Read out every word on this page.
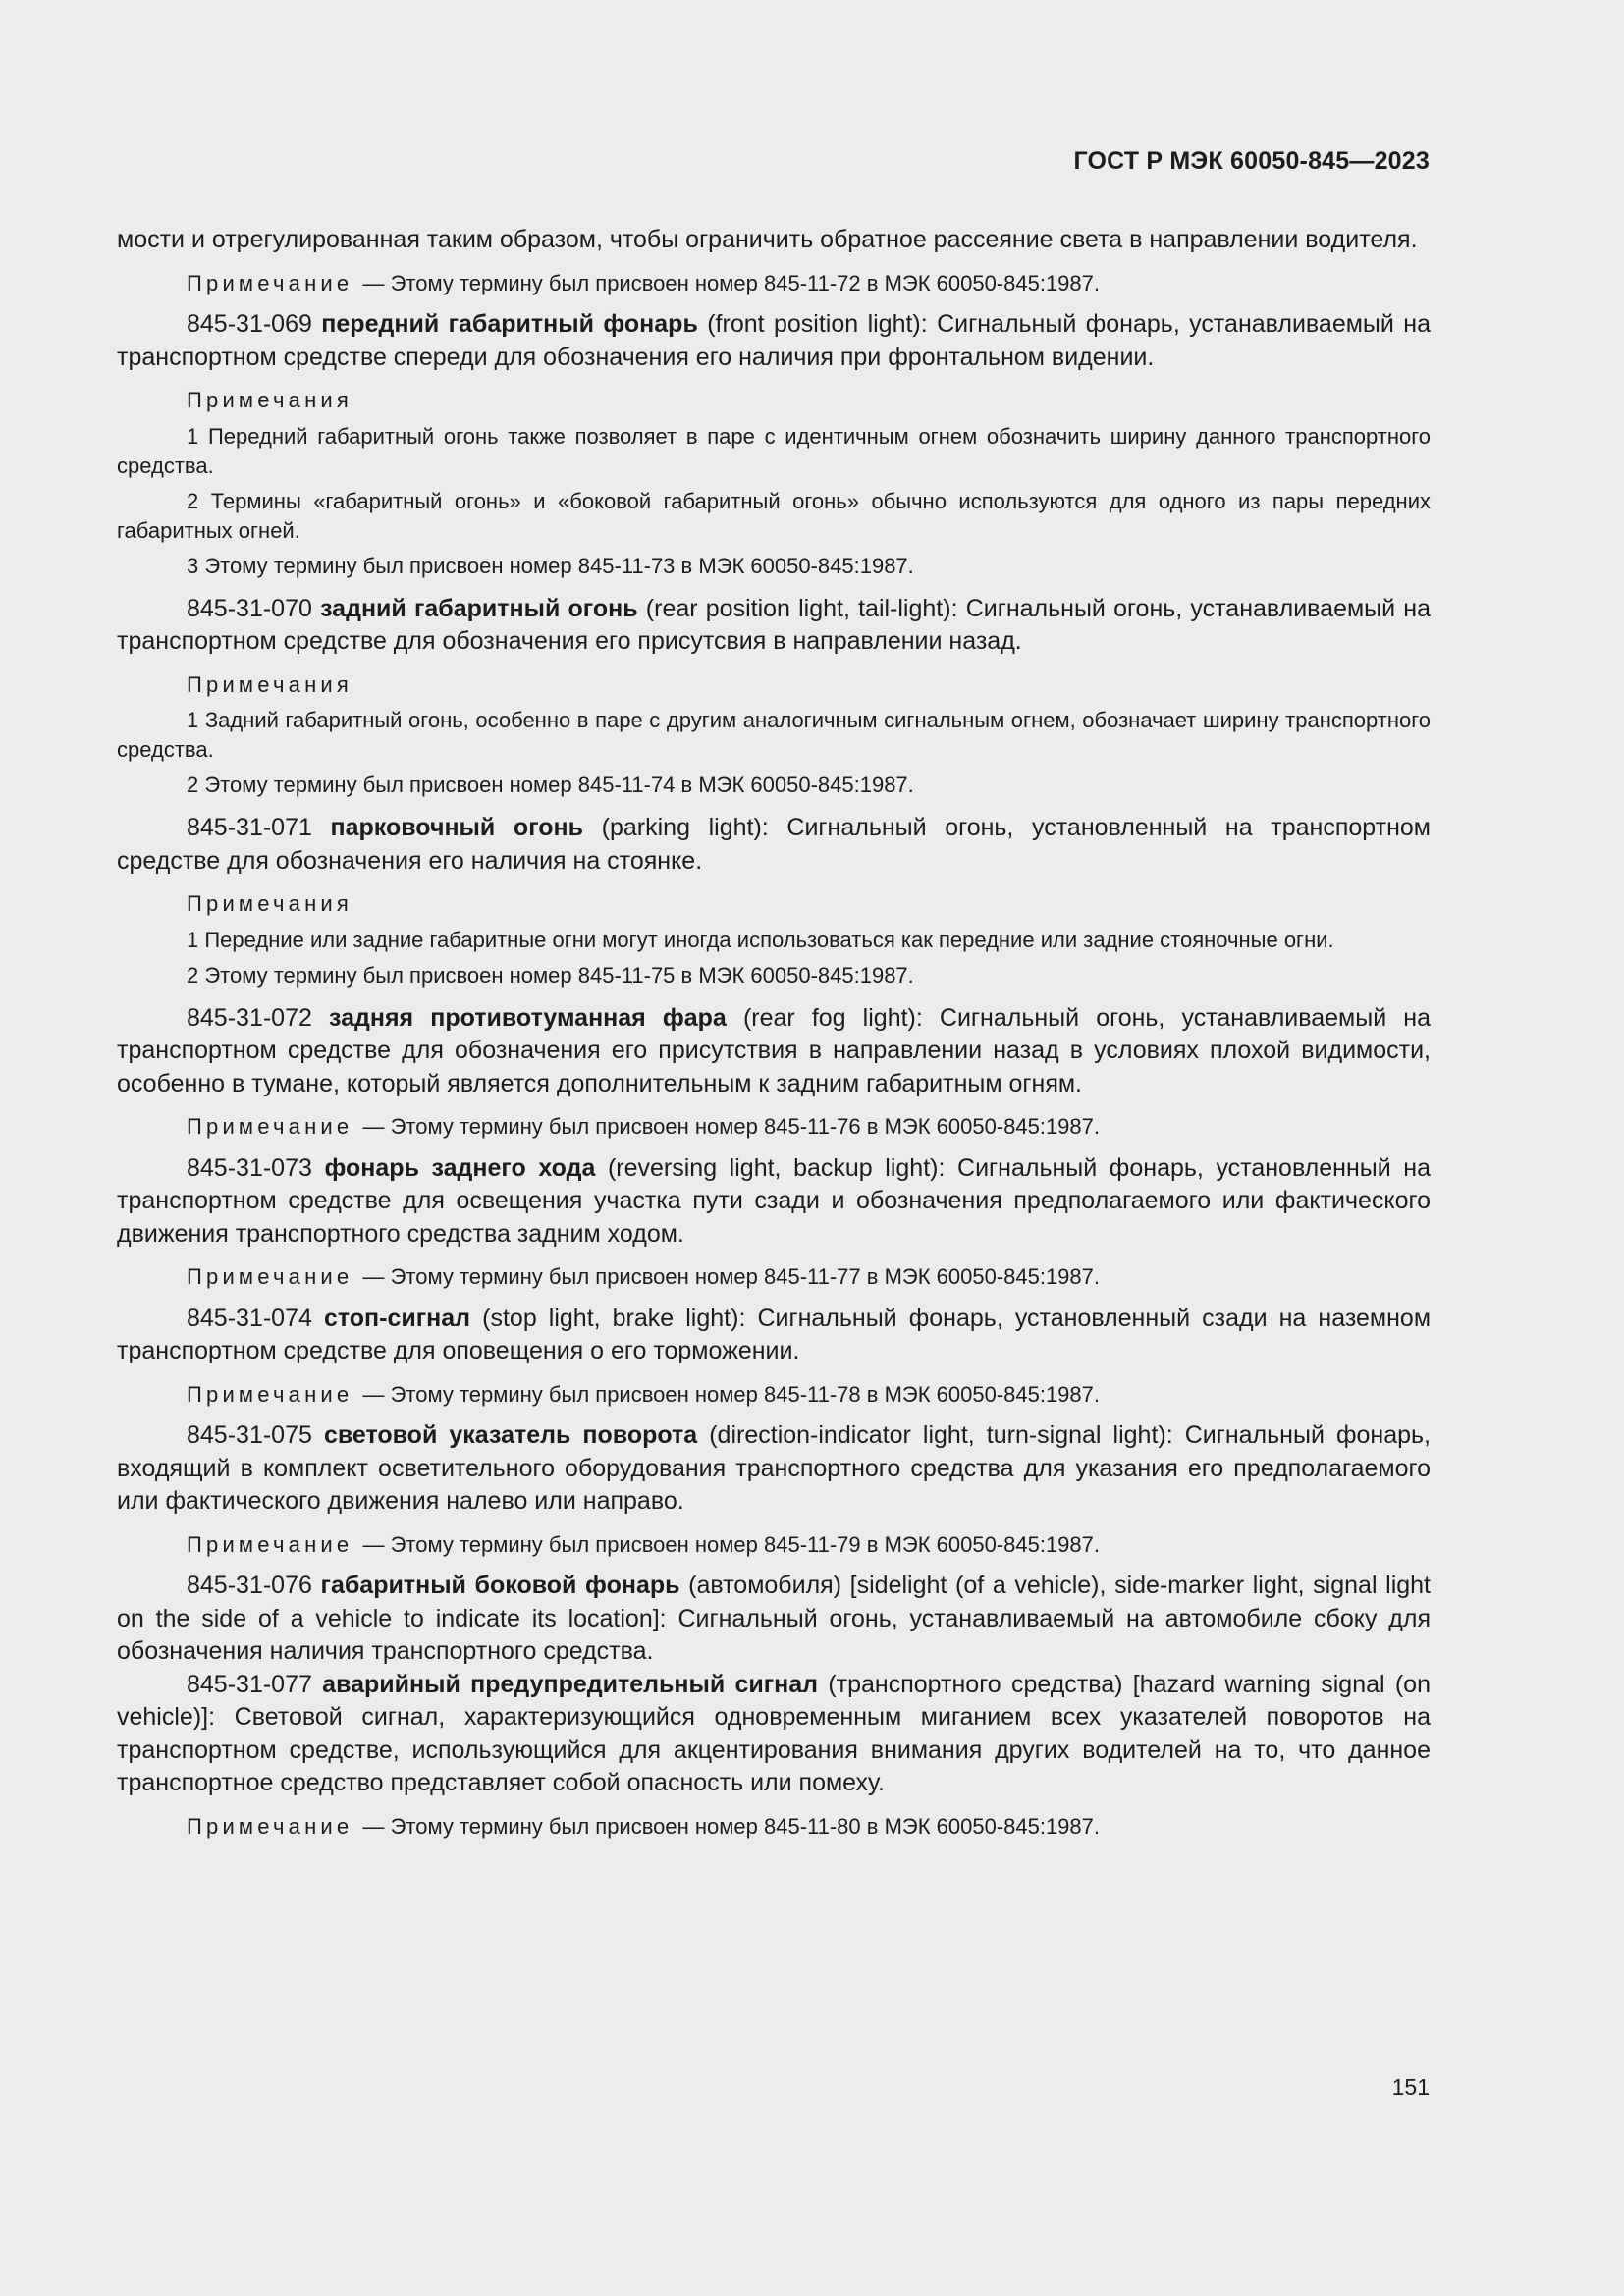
ГОСТ Р МЭК 60050-845—2023

мости и отрегулированная таким образом, чтобы ограничить обратное рассеяние света в направлении водителя.

Примечание — Этому термину был присвоен номер 845-11-72 в МЭК 60050-845:1987.

845-31-069 передний габаритный фонарь (front position light): Сигнальный фонарь, устанавливаемый на транспортном средстве спереди для обозначения его наличия при фронтальном видении.

Примечания

1 Передний габаритный огонь также позволяет в паре с идентичным огнем обозначить ширину данного транспортного средства.

2 Термины «габаритный огонь» и «боковой габаритный огонь» обычно используются для одного из пары передних габаритных огней.

3 Этому термину был присвоен номер 845-11-73 в МЭК 60050-845:1987.

845-31-070 задний габаритный огонь (rear position light, tail-light): Сигнальный огонь, устанавливаемый на транспортном средстве для обозначения его присутсвия в направлении назад.

Примечания

1 Задний габаритный огонь, особенно в паре с другим аналогичным сигнальным огнем, обозначает ширину транспортного средства.

2 Этому термину был присвоен номер 845-11-74 в МЭК 60050-845:1987.

845-31-071 парковочный огонь (parking light): Сигнальный огонь, установленный на транспортном средстве для обозначения его наличия на стоянке.

Примечания

1 Передние или задние габаритные огни могут иногда использоваться как передние или задние стояночные огни.

2 Этому термину был присвоен номер 845-11-75 в МЭК 60050-845:1987.

845-31-072 задняя противотуманная фара (rear fog light): Сигнальный огонь, устанавливаемый на транспортном средстве для обозначения его присутствия в направлении назад в условиях плохой видимости, особенно в тумане, который является дополнительным к задним габаритным огням.

Примечание — Этому термину был присвоен номер 845-11-76 в МЭК 60050-845:1987.

845-31-073 фонарь заднего хода (reversing light, backup light): Сигнальный фонарь, установленный на транспортном средстве для освещения участка пути сзади и обозначения предполагаемого или фактического движения транспортного средства задним ходом.

Примечание — Этому термину был присвоен номер 845-11-77 в МЭК 60050-845:1987.

845-31-074 стоп-сигнал (stop light, brake light): Сигнальный фонарь, установленный сзади на наземном транспортном средстве для оповещения о его торможении.

Примечание — Этому термину был присвоен номер 845-11-78 в МЭК 60050-845:1987.

845-31-075 световой указатель поворота (direction-indicator light, turn-signal light): Сигнальный фонарь, входящий в комплект осветительного оборудования транспортного средства для указания его предполагаемого или фактического движения налево или направо.

Примечание — Этому термину был присвоен номер 845-11-79 в МЭК 60050-845:1987.

845-31-076 габаритный боковой фонарь (автомобиля) [sidelight (of a vehicle), side-marker light, signal light on the side of a vehicle to indicate its location]: Сигнальный огонь, устанавливаемый на автомобиле сбоку для обозначения наличия транспортного средства.

845-31-077 аварийный предупредительный сигнал (транспортного средства) [hazard warning signal (on vehicle)]: Световой сигнал, характеризующийся одновременным миганием всех указателей поворотов на транспортном средстве, использующийся для акцентирования внимания других водителей на то, что данное транспортное средство представляет собой опасность или помеху.

Примечание — Этому термину был присвоен номер 845-11-80 в МЭК 60050-845:1987.

151
